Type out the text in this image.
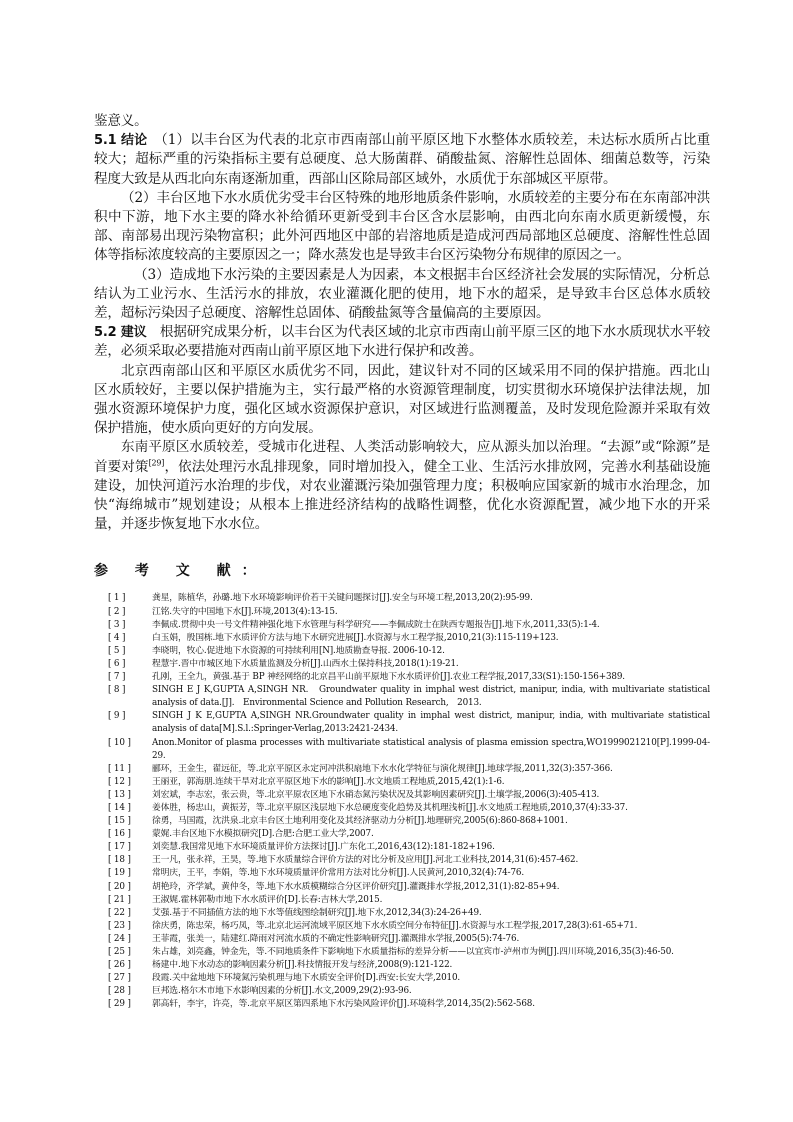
鉴意义。

5.1 结论　 （1）以丰台区为代表的北京市西南部山前平原区地下水整体水质较差，未达标水质所占比重较大；超标严重的污染指标主要有总硬度、总大肠菌群、硝酸盐氮、溶解性总固体、细菌总数等，污染程度大致是从西北向东南逐渐加重，西部山区除局部区域外，水质优于东部城区平原带。

（2）丰台区地下水水质优劣受丰台区特殊的地形地质条件影响，水质较差的主要分布在东南部冲洪积中下游，地下水主要的降水补给循环更新受到丰台区含水层影响，由西北向东南水质更新缓慢，东部、南部易出现污染物富积；此外河西地区中部的岩溶地质是造成河西局部地区总硬度、溶解性性总固体等指标浓度较高的主要原因之一；降水蒸发也是导致丰台区污染物分布规律的原因之一。

（3）造成地下水污染的主要因素是人为因素，本文根据丰台区经济社会发展的实际情况，分析总结认为工业污水、生活污水的排放，农业灌溉化肥的使用，地下水的超采，是导致丰台区总体水质较差，超标污染因子总硬度、溶解性总固体、硝酸盐氮等含量偏高的主要原因。

5.2 建议　 根据研究成果分析，以丰台区为代表区域的北京市西南山前平原三区的地下水水质现状水平较差，必须采取必要措施对西南山前平原区地下水进行保护和改善。

北京西南部山区和平原区水质优劣不同，因此，建议针对不同的区域采用不同的保护措施。西北山区水质较好，主要以保护措施为主，实行最严格的水资源管理制度，切实贯彻水环境保护法律法规，加强水资源环境保护力度，强化区域水资源保护意识，对区域进行监测覆盖，及时发现危险源并采取有效保护措施，使水质向更好的方向发展。

东南平原区水质较差，受城市化进程、人类活动影响较大，应从源头加以治理。“去源”或“除源”是首要对策[29]，依法处理污水乱排现象，同时增加投入，健全工业、生活污水排放网，完善水利基础设施建设，加快河道污水治理的步伐，对农业灌溉污染加强管理力度；积极响应国家新的城市水治理念，加快“海绵城市”规划建设；从根本上推进经济结构的战略性调整，优化水资源配置，减少地下水的开采量，并逐步恢复地下水水位。

参 考 文 献：
[ 1 ]	龚星，陈植华，孙璐.地下水环境影响评价若干关键问题探讨[J].安全与环境工程,2013,20(2):95-99.
[ 2 ]	江铭.失守的中国地下水[J].环境,2013(4):13-15.
[ 3 ]	李佩成.贯彻中央一号文件精神强化地下水管理与科学研究——李佩成院士在陕西专题报告[J].地下水,2011,33(5):1-4.
[ 4 ]	白玉娟，殷国栋.地下水质评价方法与地下水研究进展[J].水资源与水工程学报,2010,21(3):115-119+123.
[ 5 ]	李晓明，牧心.促进地下水资源的可持续利用[N].地质勘查导报. 2006-10-12.
[ 6 ]	程慧宇.晋中市城区地下水质量监测及分析[J].山西水土保持科技,2018(1):19-21.
[ 7 ]	孔刚，王全九，黄强.基于 BP 神经网络的北京昌平山前平原地下水水质评价[J].农业工程学报,2017,33(S1):150-156+389.
[ 8 ]	SINGH E J K,GUPTA A,SINGH NR.　Groundwater quality in imphal west district, manipur, india, with multivariate statistical analysis of data.[J].　Environmental Science and Pollution Research,　2013.
[ 9 ]	SINGH J K E,GUPTA A,SINGH NR.Groundwater quality in imphal west district, manipur, india, with multivariate statistical analysis of data[M].S.l.:Springer-Verlag,2013:2421-2434.
[ 10 ]	Anon.Monitor of plasma processes with multivariate statistical analysis of plasma emission spectra,WO1999021210[P].1999-04-29.
[ 11 ]	郦环，王金生，翟远征，等.北京平原区永定河冲洪积扇地下水水化学特征与演化规律[J].地球学报,2011,32(3):357-366.
[ 12 ]	王丽亚，郭海朋.连续干旱对北京平原区地下水的影响[J].水文地质工程地质,2015,42(1):1-6.
[ 13 ]	刘宏斌，李志宏，张云贵，等.北京平原农区地下水硝态氮污染状况及其影响因素研究[J].土壤学报,2006(3):405-413.
[ 14 ]	姜体胜，杨忠山，黄振芳，等.北京平原区浅层地下水总硬度变化趋势及其机理浅析[J].水文地质工程地质,2010,37(4):33-37.
[ 15 ]	徐勇，马国霞，沈洪泉.北京丰台区土地利用变化及其经济驱动力分析[J].地理研究,2005(6):860-868+1001.
[ 16 ]	蒙娓.丰台区地下水模拟研究[D].合肥:合肥工业大学,2007.
[ 17 ]	刘奕慧.我国常见地下水环境质量评价方法探讨[J].广东化工,2016,43(12):181-182+196.
[ 18 ]	王一凡，张永祥，王昊，等.地下水质量综合评价方法的对比分析及应用[J].河北工业科技,2014,31(6):457-462.
[ 19 ]	常明庆，王平，李娟，等.地下水环境质量评价常用方法对比分析[J].人民黄河,2010,32(4):74-76.
[ 20 ]	胡艳玲，齐学斌，黄仲冬，等.地下水水质模糊综合分区评价研究[J].灌溉排水学报,2012,31(1):82-85+94.
[ 21 ]	王淑娓.霍林郭勒市地下水水质评价[D].长春:吉林大学,2015.
[ 22 ]	艾强.基于不同插值方法的地下水等值线图绘制研究[J].地下水,2012,34(3):24-26+49.
[ 23 ]	徐庆勇，陈忠荣，杨巧凤，等.北京北运河流域平原区地下水水质空间分布特征[J].水资源与水工程学报,2017,28(3):61-65+71.
[ 24 ]	王菲霞，张美一，陆建红.降雨对河流水质的不确定性影响研究[J].灌溉排水学报,2005(5):74-76.
[ 25 ]	朱占雄，刘亮鑫，钟金先，等.不同地质条件下影响地下水质量指标的差异分析——以宜宾市-泸州市为例[J].四川环境,2016,35(3):46-50.
[ 26 ]	杨建中.地下水动态的影响因素分析[J].科技情报开发与经济,2008(9):121-122.
[ 27 ]	段霞.关中盆地地下环境氮污染机理与地下水质安全评价[D].西安:长安大学,2010.
[ 28 ]	巨邦选.格尔木市地下水影响因素的分析[J].水文,2009,29(2):93-96.
[ 29 ]	郭高轩，李宇，许亮，等.北京平原区第四系地下水污染风险评价[J].环境科学,2014,35(2):562-568.
